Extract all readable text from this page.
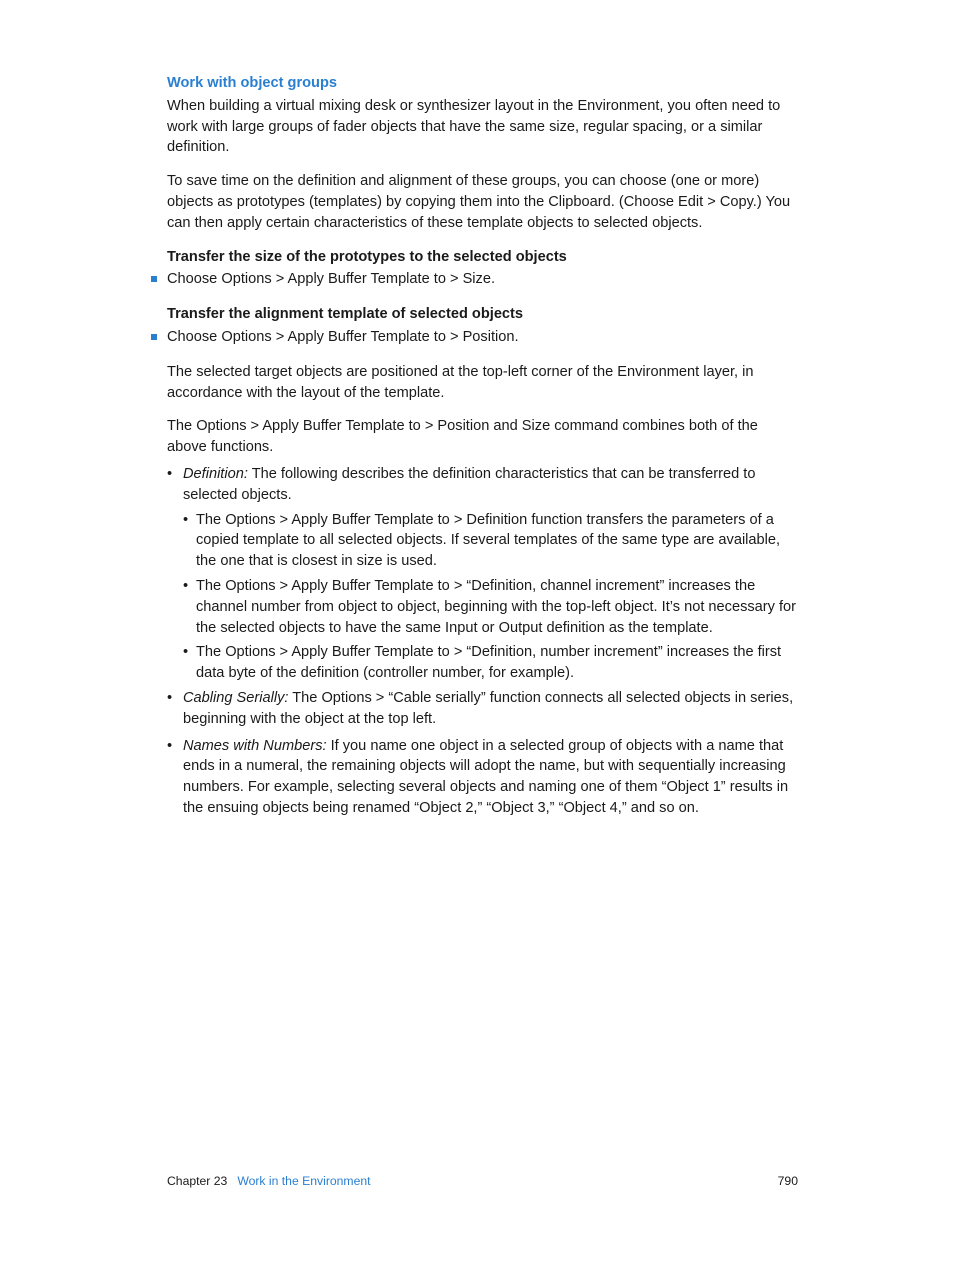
Work with object groups

When building a virtual mixing desk or synthesizer layout in the Environment, you often need to work with large groups of fader objects that have the same size, regular spacing, or a similar definition.

To save time on the definition and alignment of these groups, you can choose (one or more) objects as prototypes (templates) by copying them into the Clipboard. (Choose Edit > Copy.) You can then apply certain characteristics of these template objects to selected objects.

Transfer the size of the prototypes to the selected objects

Choose Options > Apply Buffer Template to > Size.

Transfer the alignment template of selected objects

Choose Options > Apply Buffer Template to > Position.

The selected target objects are positioned at the top-left corner of the Environment layer, in accordance with the layout of the template.

The Options > Apply Buffer Template to > Position and Size command combines both of the above functions.

• Definition: The following describes the definition characteristics that can be transferred to selected objects.
• The Options > Apply Buffer Template to > Definition function transfers the parameters of a copied template to all selected objects. If several templates of the same type are available, the one that is closest in size is used.
• The Options > Apply Buffer Template to > “Definition, channel increment” increases the channel number from object to object, beginning with the top-left object. It’s not necessary for the selected objects to have the same Input or Output definition as the template.
• The Options > Apply Buffer Template to > “Definition, number increment” increases the first data byte of the definition (controller number, for example).
• Cabling Serially: The Options > “Cable serially” function connects all selected objects in series, beginning with the object at the top left.
• Names with Numbers: If you name one object in a selected group of objects with a name that ends in a numeral, the remaining objects will adopt the name, but with sequentially increasing numbers. For example, selecting several objects and naming one of them “Object 1” results in the ensuing objects being renamed “Object 2,” “Object 3,” “Object 4,” and so on.
Chapter 23 Work in the Environment	790
